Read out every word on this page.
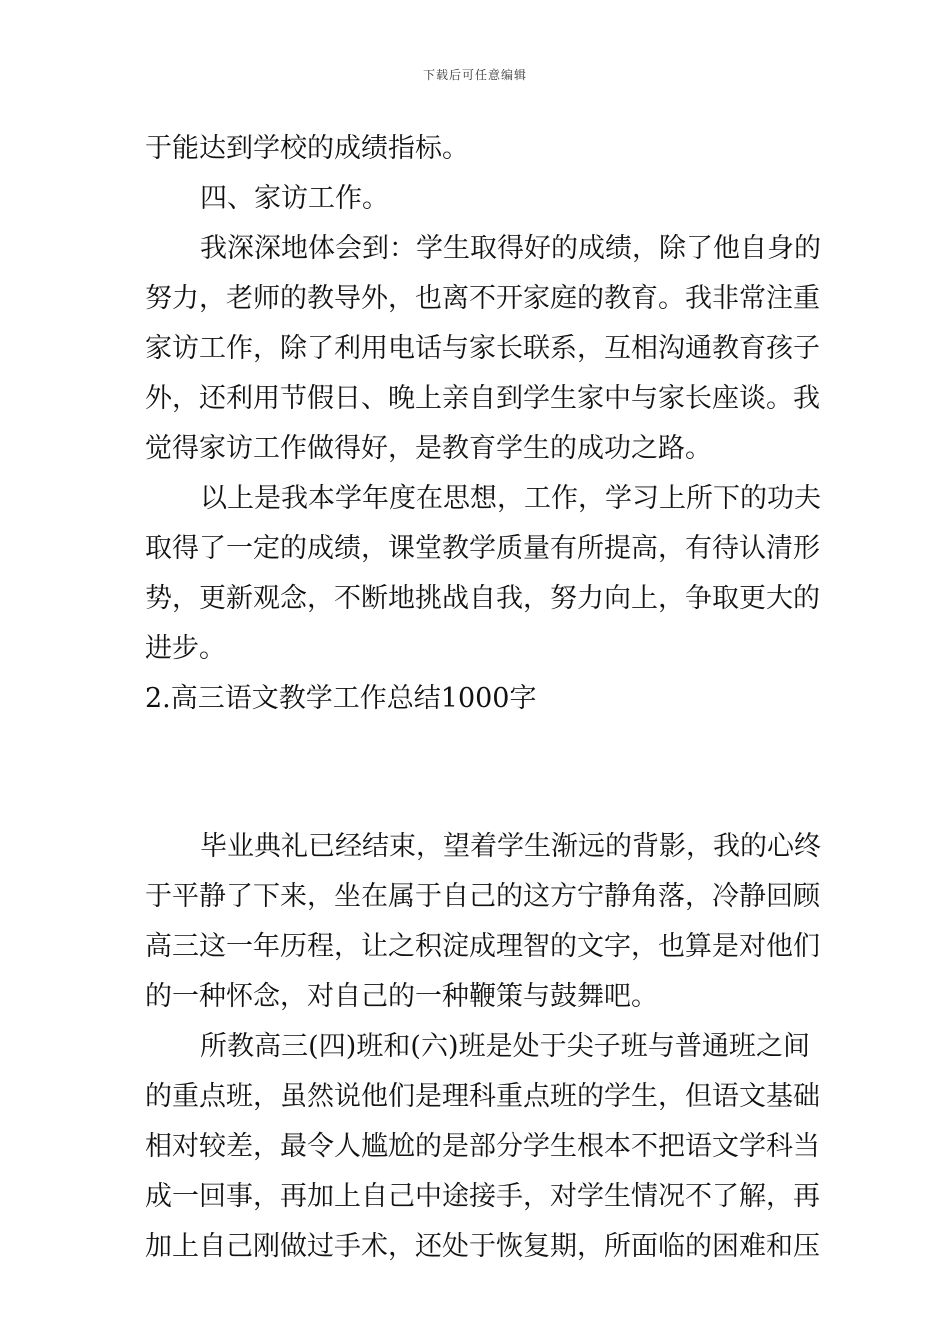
下载后可任意编辑
于能达到学校的成绩指标。
四、家访工作。
我深深地体会到：学生取得好的成绩，除了他自身的
努力，老师的教导外，也离不开家庭的教育。我非常注重
家访工作，除了利用电话与家长联系，互相沟通教育孩子
外，还利用节假日、晚上亲自到学生家中与家长座谈。我
觉得家访工作做得好，是教育学生的成功之路。
以上是我本学年度在思想，工作，学习上所下的功夫
取得了一定的成绩，课堂教学质量有所提高，有待认清形
势，更新观念，不断地挑战自我，努力向上，争取更大的
进步。
2.高三语文教学工作总结1000字
毕业典礼已经结束，望着学生渐远的背影，我的心终
于平静了下来，坐在属于自己的这方宁静角落，冷静回顾
高三这一年历程，让之积淀成理智的文字，也算是对他们
的一种怀念，对自己的一种鞭策与鼓舞吧。
所教高三(四)班和(六)班是处于尖子班与普通班之间
的重点班，虽然说他们是理科重点班的学生，但语文基础
相对较差，最令人尴尬的是部分学生根本不把语文学科当
成一回事，再加上自己中途接手，对学生情况不了解，再
加上自己刚做过手术，还处于恢复期，所面临的困难和压
